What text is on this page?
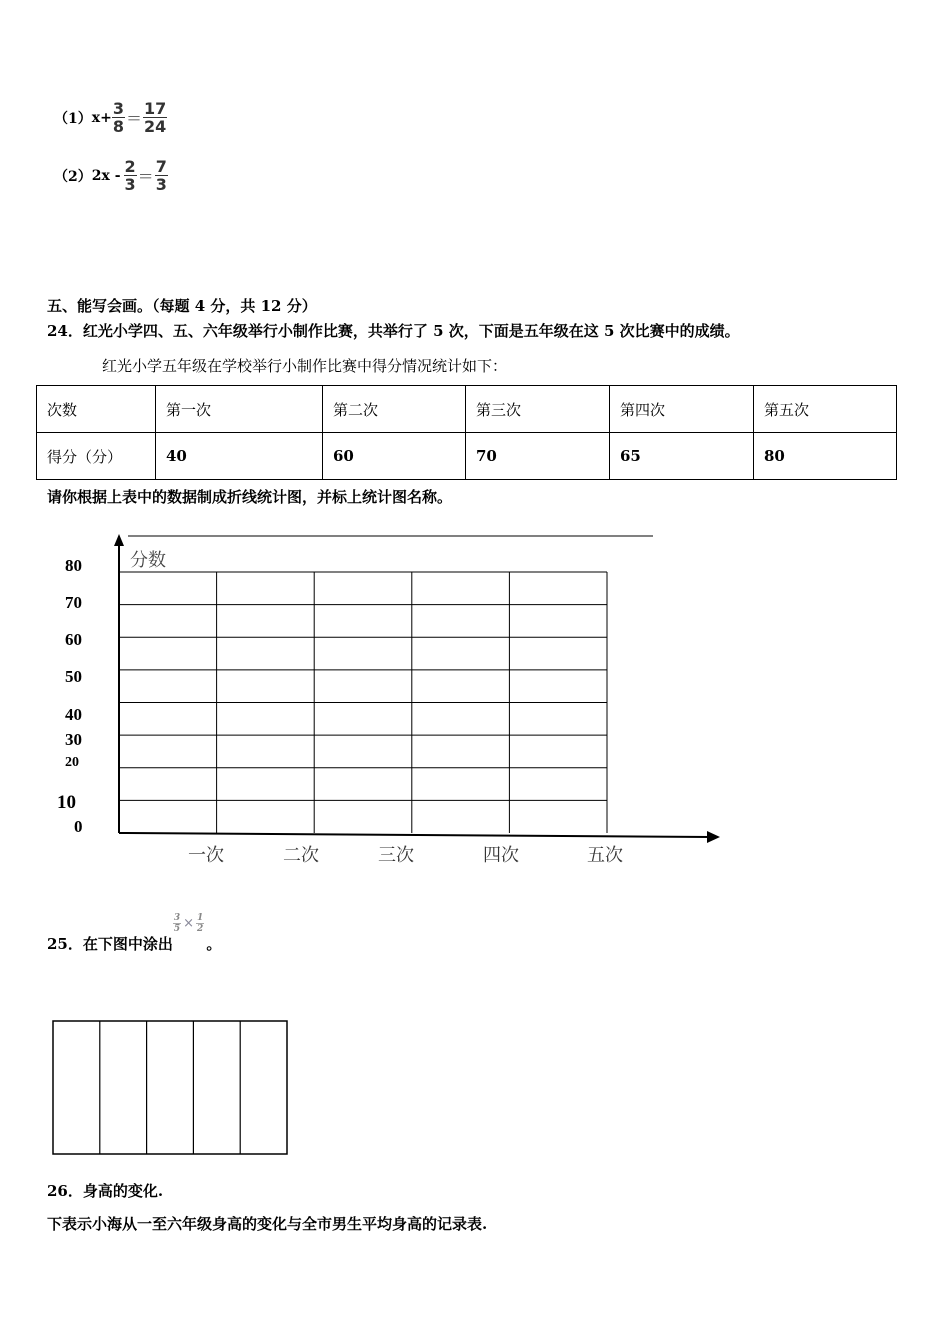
（1） $x+ \frac{3}{8} = \frac{17}{24}$
（2） $2x - \frac{2}{3} = \frac{7}{3}$
五、能写会画。（每题 4 分，共 12 分）
24．红光小学四、五、六年级举行小制作比赛，共举行了 5 次，下面是五年级在这 5 次比赛中的成绩。
红光小学五年级在学校举行小制作比赛中得分情况统计如下：
次数	第一次	第二次	第三次	第四次	第五次
得分（分）	40	60	70	65	80
请你根据上表中的数据制成折线统计图，并标上统计图名称。
分数
80
70
60
50
40
30
20
10
0
一次	二次	三次	四次	五次
25．在下图中涂出
$\frac{3}{5} \times \frac{1}{2}$
。
26．身高的变化.
下表示小海从一至六年级身高的变化与全市男生平均身高的记录表.
